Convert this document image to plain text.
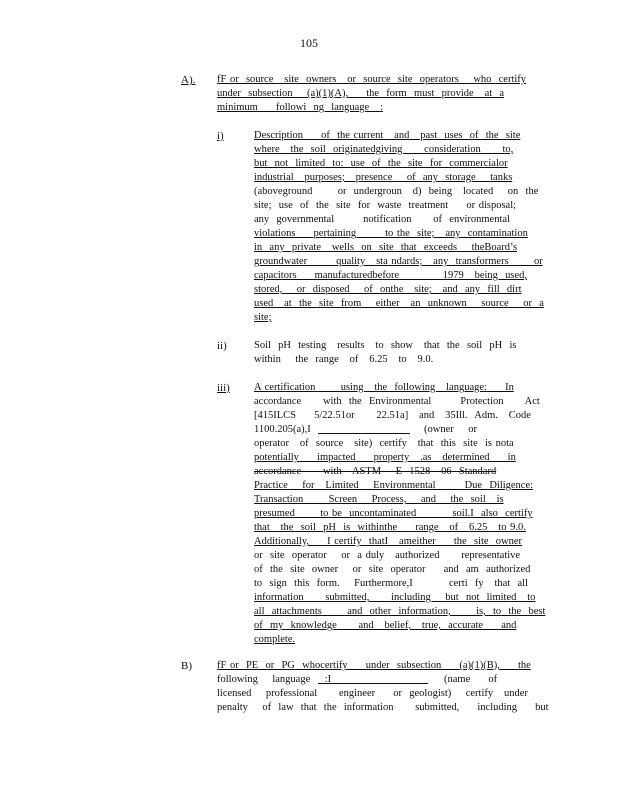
105
A). fF or  source   site  owners   or  source  site  operators    who  certify
under  subsection    (a)(1)(A),     the  form  must  provide   at  a
minimum     followi  ng  language   :
i)	Description     of  the current   and   past  uses  of  the  site
where   the  soil  originatedgiving      consideration      to,
but  not  limited  to:  use  of  the  site  for  commercialor
industrial   purposes;   presence    of  any  storage    tanks
(aboveground       or  undergroun   d)  being   located    on  the
site;  use  of  the  site  for  waste  treatment     or disposal;
any  governmental        notification      of  environmental
violations     pertaining        to the  site;   any  contamination
in  any  private   wells  on  site  that  exceeds    theBoard’s
groundwater        quality   sta ndards;   any  transformers       or
capacitors     manufacturedbefore            1979   being  used,
stored,    or  disposed    of  onthe   site;   and  any  fill  dirt
used   at  the  site  from    either   an  unknown    source    or  a
site;
ii)	Soil  pH  testing   results   to  show   that  the  soil  pH  is
within    the  range   of   6.25   to   9.0.
iii) A certification       using   the  following   language:     In
accordance      with  the  Environmental        Protection      Act
[415ILCS     5/22.51or      22.51a]   and   35Ill.  Adm.   Code
1100.205(a),I	(owner    or
operator   of  source   site)  certify   that  this  site  is nota
potentially     impacted     property   .as   determined     in
accordance      with   ASTM    E  1528   06  Standard
Practice    for   Limited    Environmental        Due  Diligence:
Transaction       Screen    Process,    and    the  soil   is
presumed       to be  uncontaminated          soil.I  also  certify
that   the  soil  pH  is  withinthe     range   of   6.25   to 9.0.
Additionally,     I certify  thatI   ameither     the  site  owner
or  site  operator    or  a duly   authorized      representative
of  the  site  owner    or  site  operator     and  am  authorized
to  sign  this  form.    Furthermore,I          certi  fy   that  all
information      submitted,      including    but  not  limited   to
all  attachments       and  other  information,       is,  to  the  best
of  my  knowledge      and   belief,   true,  accurate     and
complete.
B) fF or  PE  or  PG  whocertify     under  subsection     (a)(1)(B),     the
following    language    :I	(name     of
licensed    professional      engineer     or  geologist)    certify   under
penalty    of  law  that  the  information      submitted,     including     but
